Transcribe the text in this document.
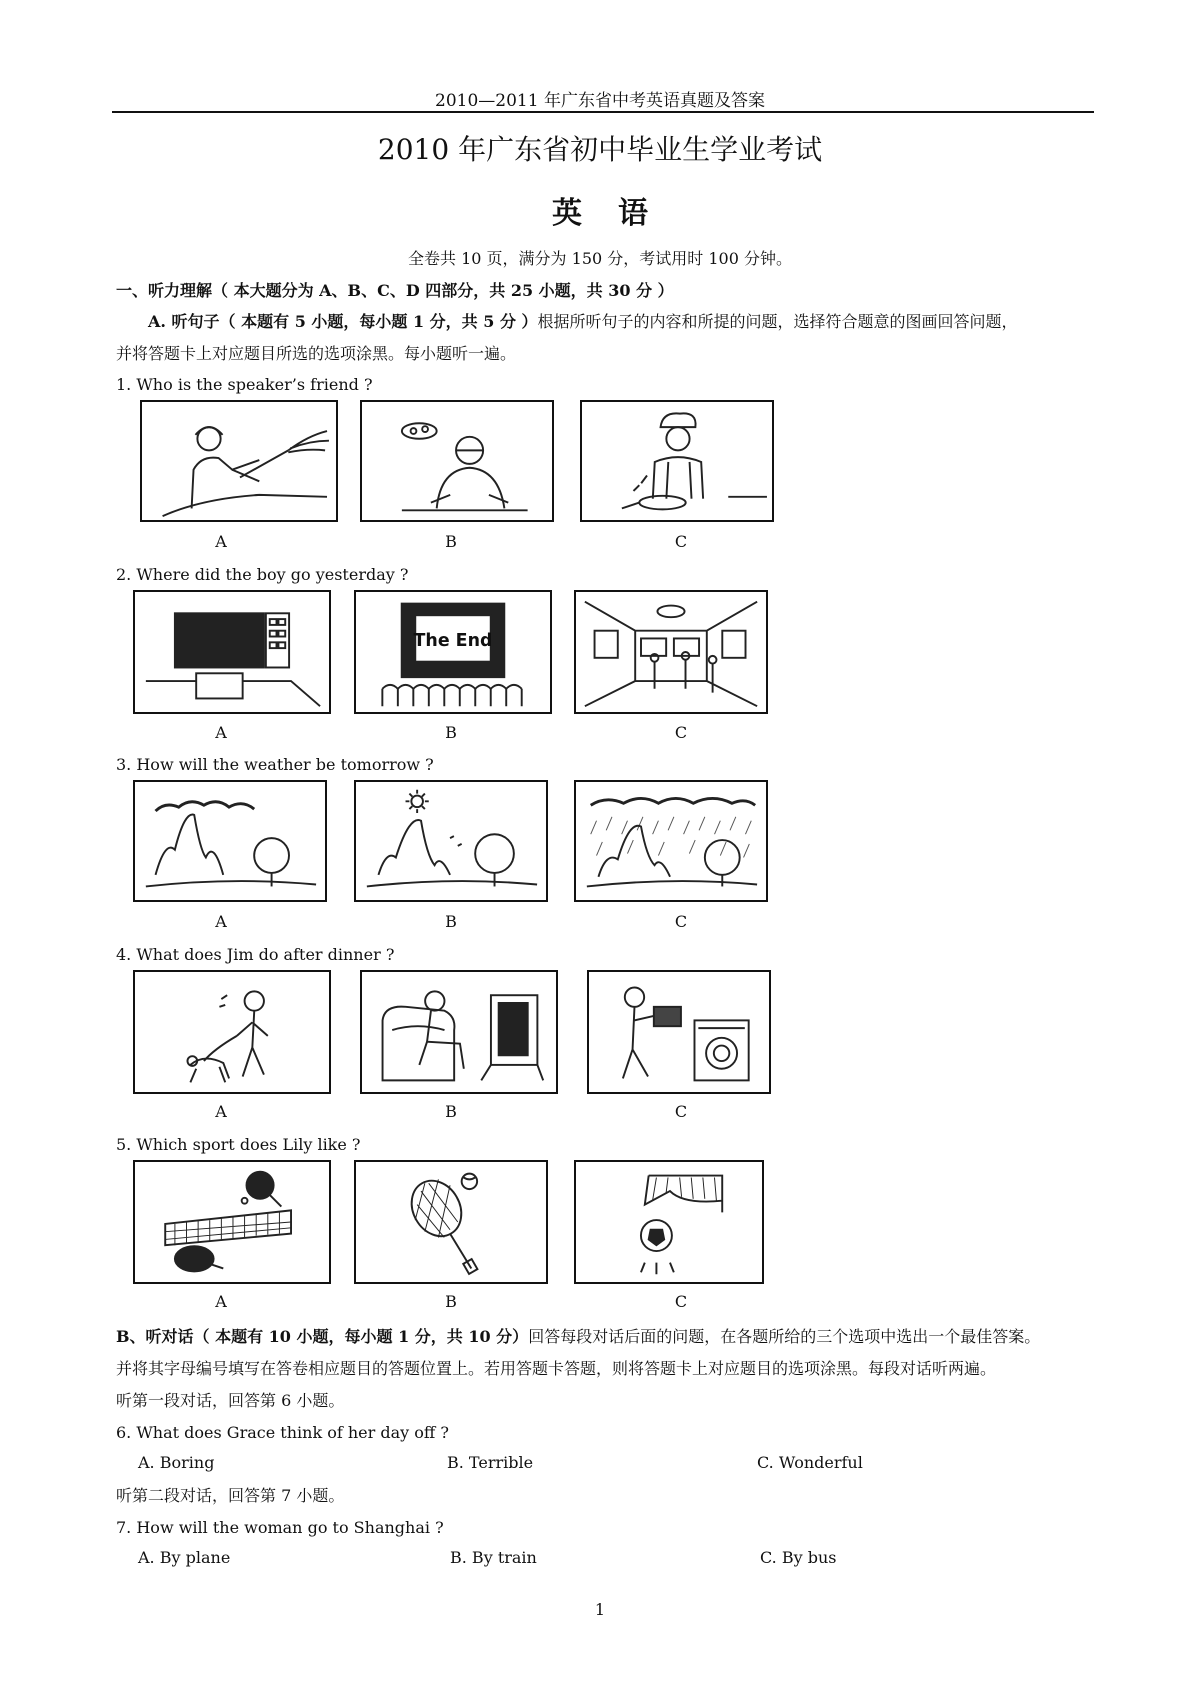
2010—2011 年广东省中考英语真题及答案
2010 年广东省初中毕业生学业考试
英语
全卷共 10 页，满分为 150 分，考试用时 100 分钟。
一、听力理解（ 本大题分为 A、B、C、D 四部分，共 25 小题，共 30 分 ）
A. 听句子（ 本题有 5 小题，每小题 1 分，共 5 分 ）根据所听句子的内容和所提的问题，选择符合题意的图画回答问题，
并将答题卡上对应题目所选的选项涂黑。每小题听一遍。
1. Who is the speaker’s friend ?
A	B	C
2. Where did the boy go yesterday ?
The End
A	B	C
3. How will the weather be tomorrow ?
A	B	C
4. What does Jim do after dinner ?
A	B	C
5. Which sport does Lily like ?
A	B	C
B、听对话（ 本题有 10 小题，每小题 1 分，共 10 分）回答每段对话后面的问题，在各题所给的三个选项中选出一个最佳答案。
并将其字母编号填写在答卷相应题目的答题位置上。若用答题卡答题，则将答题卡上对应题目的选项涂黑。每段对话听两遍。
听第一段对话，回答第 6 小题。
6. What does Grace think of her day off ?
A. Boring	B. Terrible	C. Wonderful
听第二段对话，回答第 7 小题。
7. How will the woman go to Shanghai ?
A. By plane	B. By train	C. By bus
1
